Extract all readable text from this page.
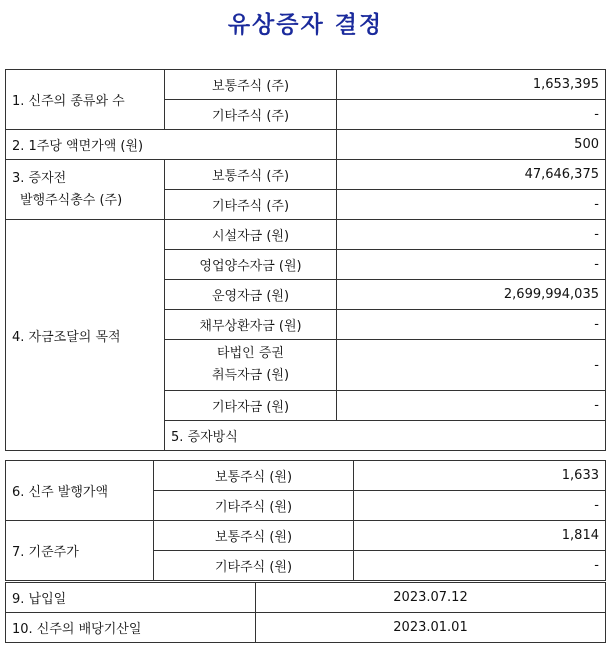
유상증자 결정
1. 신주의 종류와 수	보통주식 (주)	1,653,395	
	기타주식 (주)	-	
2. 1주당 액면가액 (원)		500	

3. 증자전
발행주식총수 (주)	보통주식 (주)	47,646,375	
	기타주식 (주)	-	
4. 자금조달의 목적	시설자금 (원)	-	
	영업양수자금 (원)	-	
	운영자금 (원)	2,699,994,035	
	채무상환자금 (원)	-	

	타법인 증권
취득자금 (원)	-	
	기타자금 (원)	-	
	5. 증자방식	
6. 신주 발행가액	보통주식 (원)	1,633
	기타주식 (원)	-
7. 기준주가	보통주식 (원)	1,814
	기타주식 (원)	-
9. 납입일	2023.07.12
10. 신주의 배당기산일	2023.01.01
